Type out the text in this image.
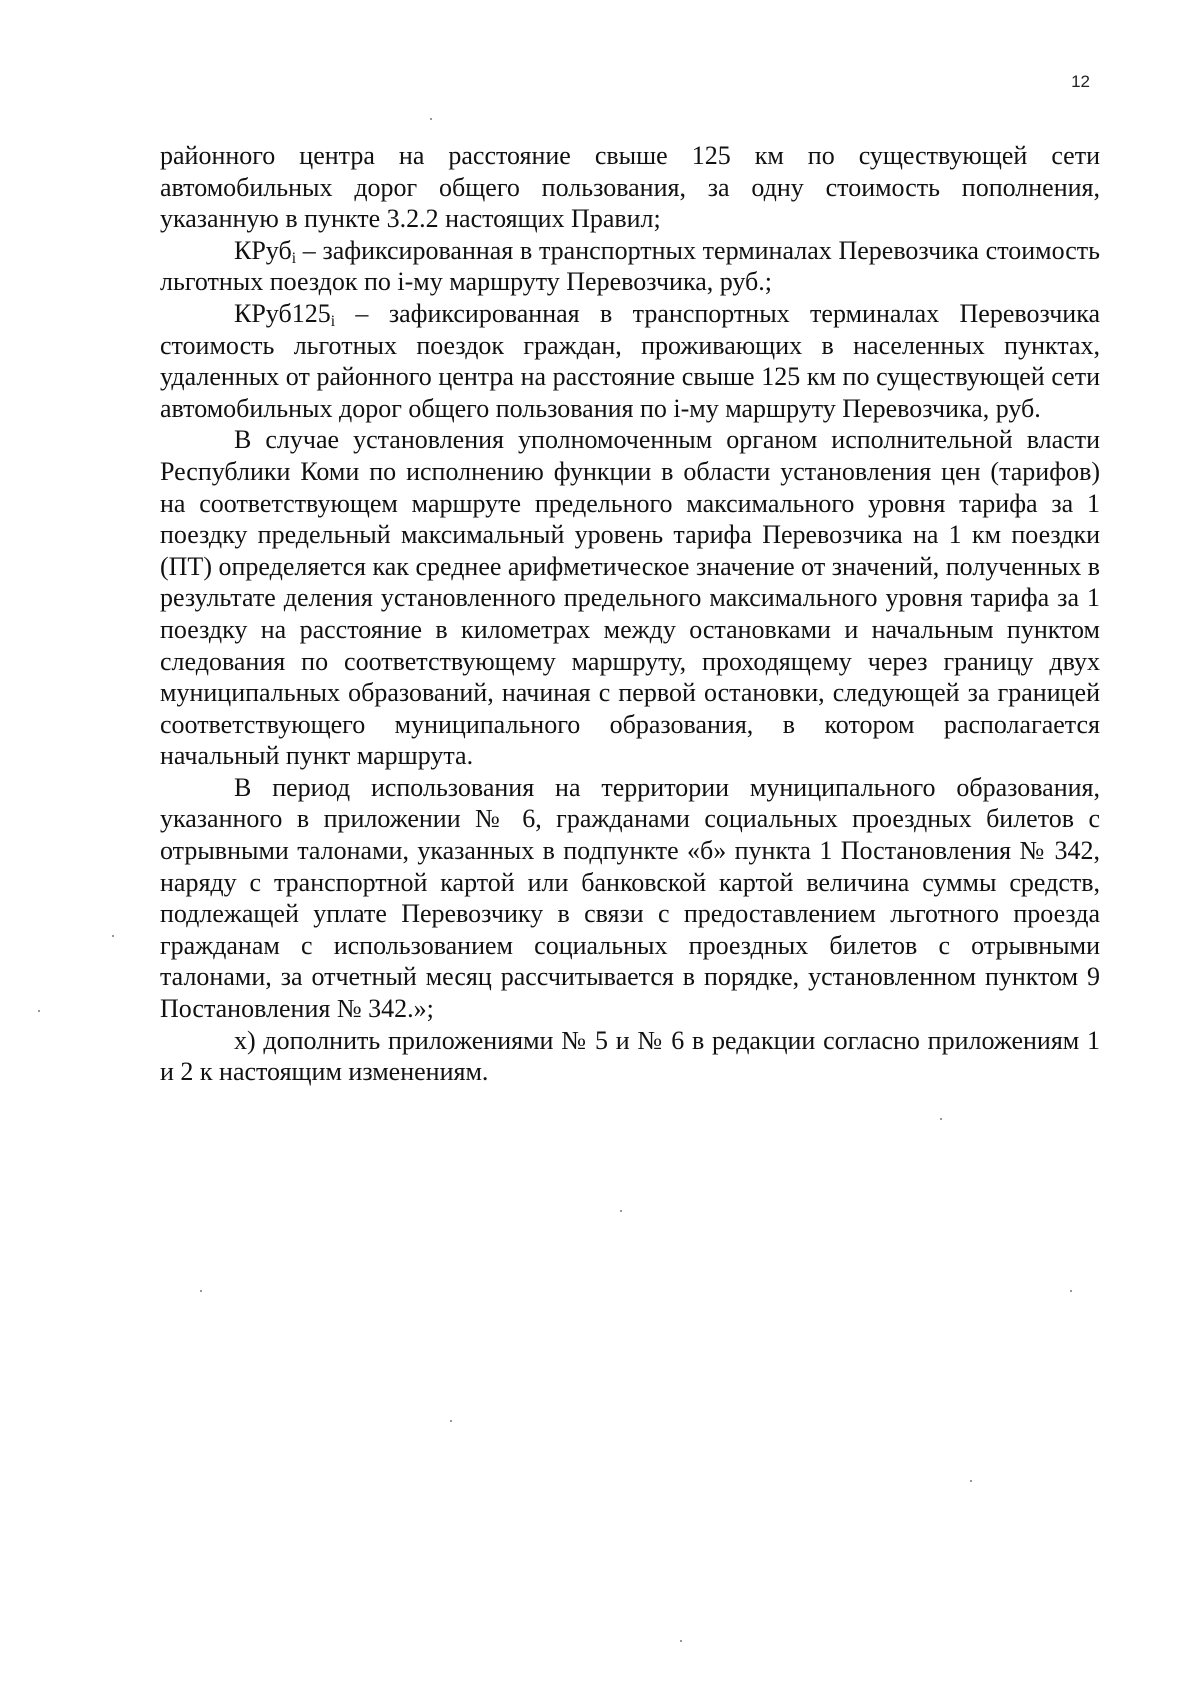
12

районного центра на расстояние свыше 125 км по существующей сети автомобильных дорог общего пользования, за одну стоимость пополнения, указанную в пункте 3.2.2 настоящих Правил;

КРуб$_i$ – зафиксированная в транспортных терминалах Перевозчика стоимость льготных поездок по i-му маршруту Перевозчика, руб.;

$КРуб125_i$ – зафиксированная в транспортных терминалах Перевозчика стоимость льготных поездок граждан, проживающих в населенных пунктах, удаленных от районного центра на расстояние свыше 125 км по существующей сети автомобильных дорог общего пользования по i-му маршруту Перевозчика, руб.

В случае установления уполномоченным органом исполнительной власти Республики Коми по исполнению функции в области установления цен (тарифов) на соответствующем маршруте предельного максимального уровня тарифа за 1 поездку предельный максимальный уровень тарифа Перевозчика на 1 км поездки (ПТ) определяется как среднее арифметическое значение от значений, полученных в результате деления установленного предельного максимального уровня тарифа за 1 поездку на расстояние в километрах между остановками и начальным пунктом следования по соответствующему маршруту, проходящему через границу двух муниципальных образований, начиная с первой остановки, следующей за границей соответствующего муниципального образования, в котором располагается начальный пункт маршрута.

В период использования на территории муниципального образования, указанного в приложении № 6, гражданами социальных проездных билетов с отрывными талонами, указанных в подпункте «б» пункта 1 Постановления № 342, наряду с транспортной картой или банковской картой величина суммы средств, подлежащей уплате Перевозчику в связи с предоставлением льготного проезда гражданам с использованием социальных проездных билетов с отрывными талонами, за отчетный месяц рассчитывается в порядке, установленном пунктом 9 Постановления № 342.»;

х) дополнить приложениями № 5 и № 6 в редакции согласно приложениям 1 и 2 к настоящим изменениям.
